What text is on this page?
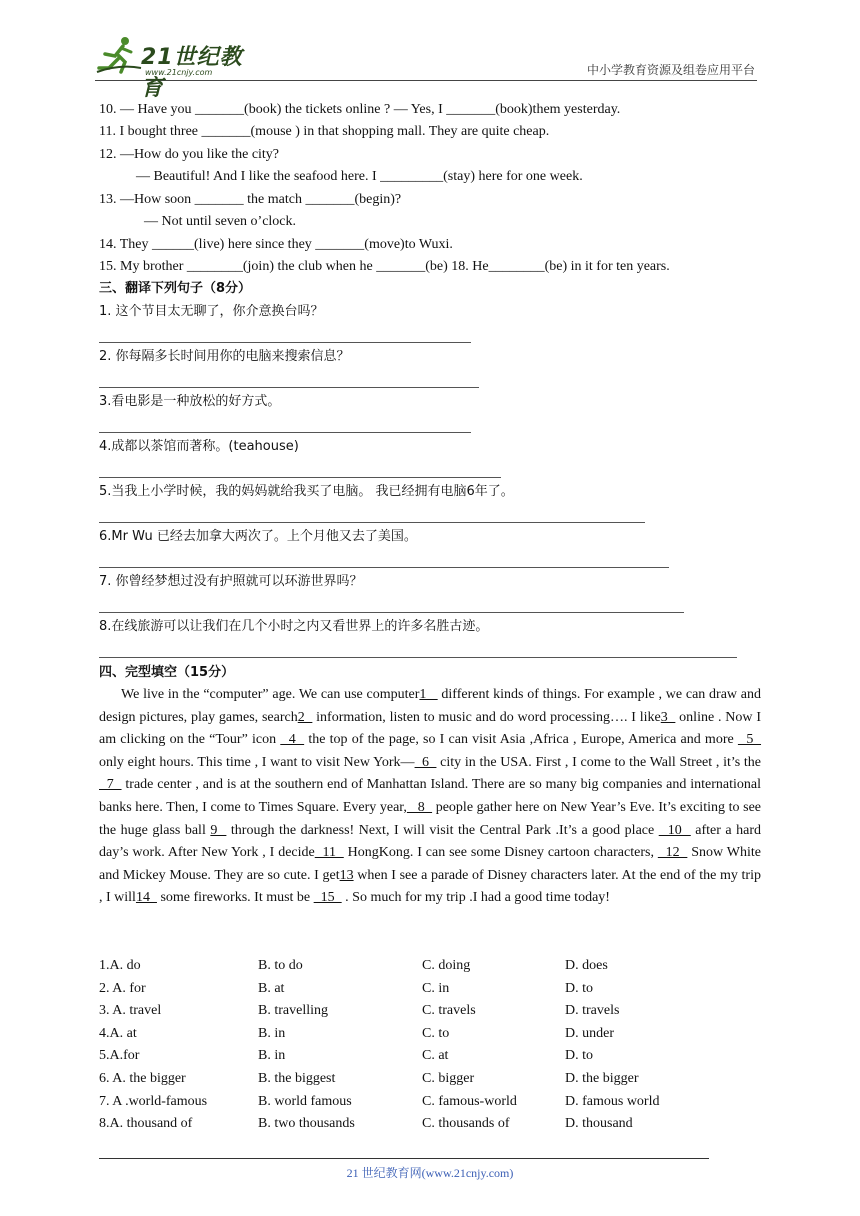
21世纪教育
www.21cnjy.com	中小学教育资源及组卷应用平台
10. — Have you _______(book) the tickets online ? — Yes, I _______(book)them yesterday.
11. I bought three _______(mouse ) in that shopping mall. They are quite cheap.
12. —How do you like the city?
— Beautiful! And I like the seafood here. I _________(stay) here for one week.
13. —How soon _______ the match _______(begin)?
— Not until seven o’clock.
14. They ______(live) here since they _______(move)to Wuxi.
15. My brother ________(join) the club when he _______(be) 18. He________(be) in it for ten years.
三、翻译下列句子（8分）
1. 这个节目太无聊了，你介意换台吗？
2. 你每隔多长时间用你的电脑来搜索信息？
3.看电影是一种放松的好方式。
4.成都以茶馆而著称。(teahouse)
5.当我上小学时候，我的妈妈就给我买了电脑。 我已经拥有电脑6年了。
6.Mr Wu 已经去加拿大两次了。上个月他又去了美国。
7. 你曾经梦想过没有护照就可以环游世界吗？
8.在线旅游可以让我们在几个小时之内又看世界上的许多名胜古迹。
四、完型填空（15分）
We live in the “computer” age. We can use computer1    different kinds of things. For example , we can draw and design pictures, play games, search2   information, listen to music and do word processing…. I like3   online . Now I am clicking on the “Tour” icon   4   the top of the page, so I can visit Asia ,Africa , Europe, America and more   5   only eight hours. This time , I want to visit New York—  6   city in the USA. First , I come to the Wall Street , it’s the  7   trade center , and is at the southern end of Manhattan Island. There are so many big companies and international banks here. Then, I come to Times Square. Every year,   8   people gather here on New Year’s Eve. It’s exciting to see the huge glass ball 9   through the darkness! Next, I will visit the Central Park .It’s a good place   10   after a hard day’s work. After New York , I decide  11   HongKong. I can see some Disney cartoon characters,   12   Snow White and Mickey Mouse. They are so cute. I get13 when I see a parade of Disney characters later. At the end of the my trip , I will14   some fireworks. It must be   15   . So much for my trip .I had a good time today!
1.A. do	B. to do	C. doing	D. does
2. A. for	B. at	C. in	D. to
3. A. travel	B. travelling	C. travels	D. travels
4.A. at	B. in	C. to	D. under
5.A.for	B. in	C. at	D. to
6. A. the bigger	B. the biggest	C. bigger	D. the bigger
7. A .world-famous	B. world famous	C. famous-world	D. famous world
8.A. thousand of	B. two thousands	C. thousands of	D. thousand
21 世纪教育网(www.21cnjy.com)
